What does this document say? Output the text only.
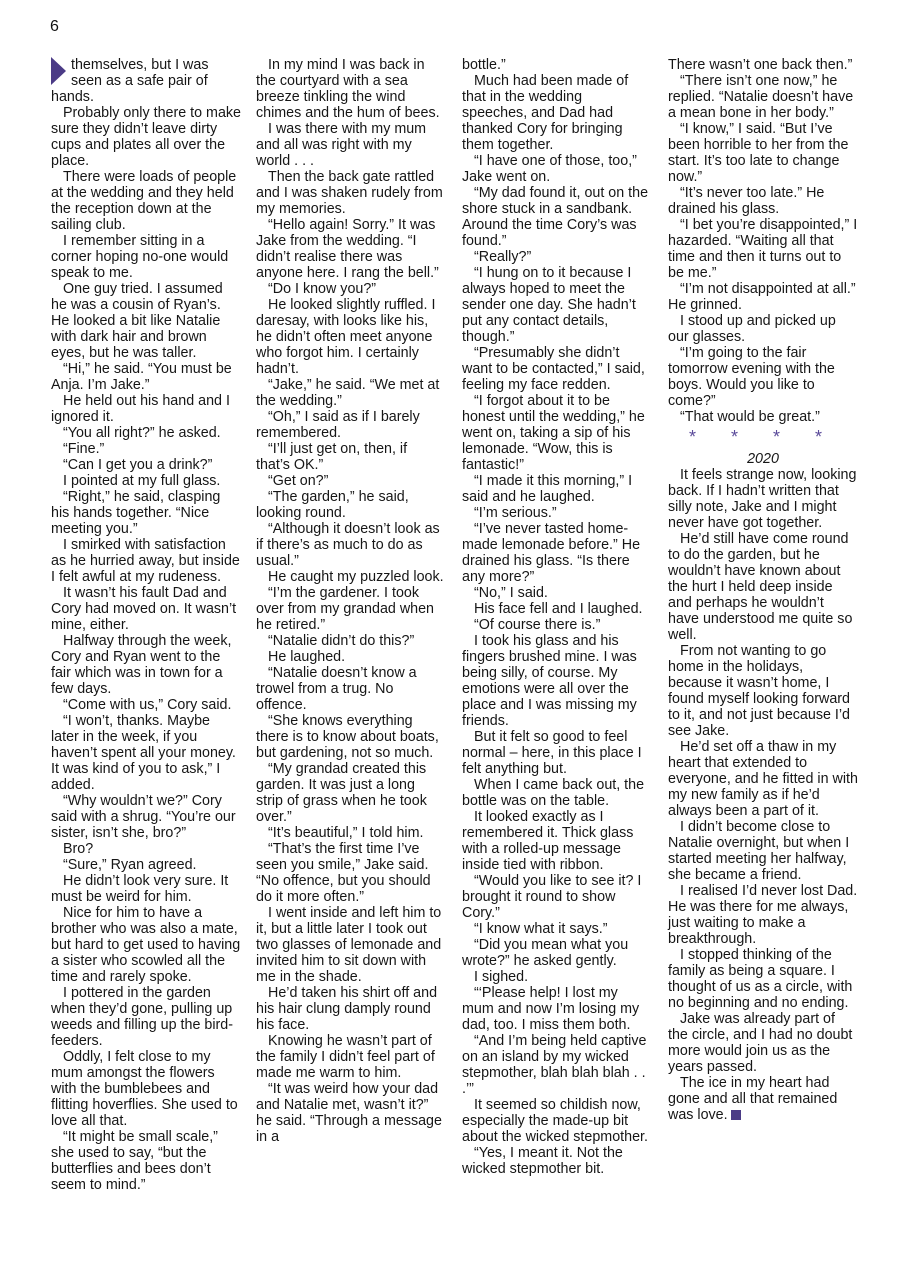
6

themselves, but I was seen as a safe pair of hands.

Probably only there to make sure they didn’t leave dirty cups and plates all over the place.

There were loads of people at the wedding and they held the reception down at the sailing club.

I remember sitting in a corner hoping no-one would speak to me.

One guy tried. I assumed he was a cousin of Ryan’s. He looked a bit like Natalie with dark hair and brown eyes, but he was taller.

“Hi,” he said. “You must be Anja. I’m Jake.”

He held out his hand and I ignored it.

“You all right?” he asked.

“Fine.”

“Can I get you a drink?”

I pointed at my full glass.

“Right,” he said, clasping his hands together. “Nice meeting you.”

I smirked with satisfaction as he hurried away, but inside I felt awful at my rudeness.

It wasn’t his fault Dad and Cory had moved on. It wasn’t mine, either.

Halfway through the week, Cory and Ryan went to the fair which was in town for a few days.

“Come with us,” Cory said.

“I won’t, thanks. Maybe later in the week, if you haven’t spent all your money. It was kind of you to ask,” I added.

“Why wouldn’t we?” Cory said with a shrug. “You’re our sister, isn’t she, bro?”

Bro?

“Sure,” Ryan agreed.

He didn’t look very sure. It must be weird for him.

Nice for him to have a brother who was also a mate, but hard to get used to having a sister who scowled all the time and rarely spoke.

I pottered in the garden when they’d gone, pulling up weeds and filling up the bird-feeders.

Oddly, I felt close to my mum amongst the flowers with the bumblebees and flitting hoverflies. She used to love all that.

“It might be small scale,” she used to say, “but the butterflies and bees don’t seem to mind.”

In my mind I was back in the courtyard with a sea breeze tinkling the wind chimes and the hum of bees.

I was there with my mum and all was right with my world . . .

Then the back gate rattled and I was shaken rudely from my memories.

“Hello again! Sorry.” It was Jake from the wedding. “I didn’t realise there was anyone here. I rang the bell.”

“Do I know you?”

He looked slightly ruffled. I daresay, with looks like his, he didn’t often meet anyone who forgot him. I certainly hadn’t.

“Jake,” he said. “We met at the wedding.”

“Oh,” I said as if I barely remembered.

“I’ll just get on, then, if that’s OK.”

“Get on?”

“The garden,” he said, looking round.

“Although it doesn’t look as if there’s as much to do as usual.”

He caught my puzzled look.

“I’m the gardener. I took over from my grandad when he retired.”

“Natalie didn’t do this?”

He laughed.

“Natalie doesn’t know a trowel from a trug. No offence.

“She knows everything there is to know about boats, but gardening, not so much.

“My grandad created this garden. It was just a long strip of grass when he took over.”

“It’s beautiful,” I told him.

“That’s the first time I’ve seen you smile,” Jake said. “No offence, but you should do it more often.”

I went inside and left him to it, but a little later I took out two glasses of lemonade and invited him to sit down with me in the shade.

He’d taken his shirt off and his hair clung damply round his face.

Knowing he wasn’t part of the family I didn’t feel part of made me warm to him.

“It was weird how your dad and Natalie met, wasn’t it?” he said. “Through a message in a

bottle.”

Much had been made of that in the wedding speeches, and Dad had thanked Cory for bringing them together.

“I have one of those, too,” Jake went on.

“My dad found it, out on the shore stuck in a sandbank. Around the time Cory’s was found.”

“Really?”

“I hung on to it because I always hoped to meet the sender one day. She hadn’t put any contact details, though.”

“Presumably she didn’t want to be contacted,” I said, feeling my face redden.

“I forgot about it to be honest until the wedding,” he went on, taking a sip of his lemonade. “Wow, this is fantastic!”

“I made it this morning,” I said and he laughed.

“I’m serious.”

“I’ve never tasted home-made lemonade before.” He drained his glass. “Is there any more?”

“No,” I said.

His face fell and I laughed.

“Of course there is.”

I took his glass and his fingers brushed mine. I was being silly, of course. My emotions were all over the place and I was missing my friends.

But it felt so good to feel normal – here, in this place I felt anything but.

When I came back out, the bottle was on the table.

It looked exactly as I remembered it. Thick glass with a rolled-up message inside tied with ribbon.

“Would you like to see it? I brought it round to show Cory.”

“I know what it says.”

“Did you mean what you wrote?” he asked gently.

I sighed.

“‘Please help! I lost my mum and now I’m losing my dad, too. I miss them both.

“And I’m being held captive on an island by my wicked stepmother, blah blah blah . . .’”

It seemed so childish now, especially the made-up bit about the wicked stepmother.

“Yes, I meant it. Not the wicked stepmother bit.

There wasn’t one back then.”

“There isn’t one now,” he replied. “Natalie doesn’t have a mean bone in her body.”

“I know,” I said. “But I’ve been horrible to her from the start. It’s too late to change now.”

“It’s never too late.” He drained his glass.

“I bet you’re disappointed,” I hazarded. “Waiting all that time and then it turns out to be me.”

“I’m not disappointed at all.” He grinned.

I stood up and picked up our glasses.

“I’m going to the fair tomorrow evening with the boys. Would you like to come?”

“That would be great.”

* * * *

2020

It feels strange now, looking back. If I hadn’t written that silly note, Jake and I might never have got together.

He’d still have come round to do the garden, but he wouldn’t have known about the hurt I held deep inside and perhaps he wouldn’t have understood me quite so well.

From not wanting to go home in the holidays, because it wasn’t home, I found myself looking forward to it, and not just because I’d see Jake.

He’d set off a thaw in my heart that extended to everyone, and he fitted in with my new family as if he’d always been a part of it.

I didn’t become close to Natalie overnight, but when I started meeting her halfway, she became a friend.

I realised I’d never lost Dad. He was there for me always, just waiting to make a breakthrough.

I stopped thinking of the family as being a square. I thought of us as a circle, with no beginning and no ending.

Jake was already part of the circle, and I had no doubt more would join us as the years passed.

The ice in my heart had gone and all that remained was love.
